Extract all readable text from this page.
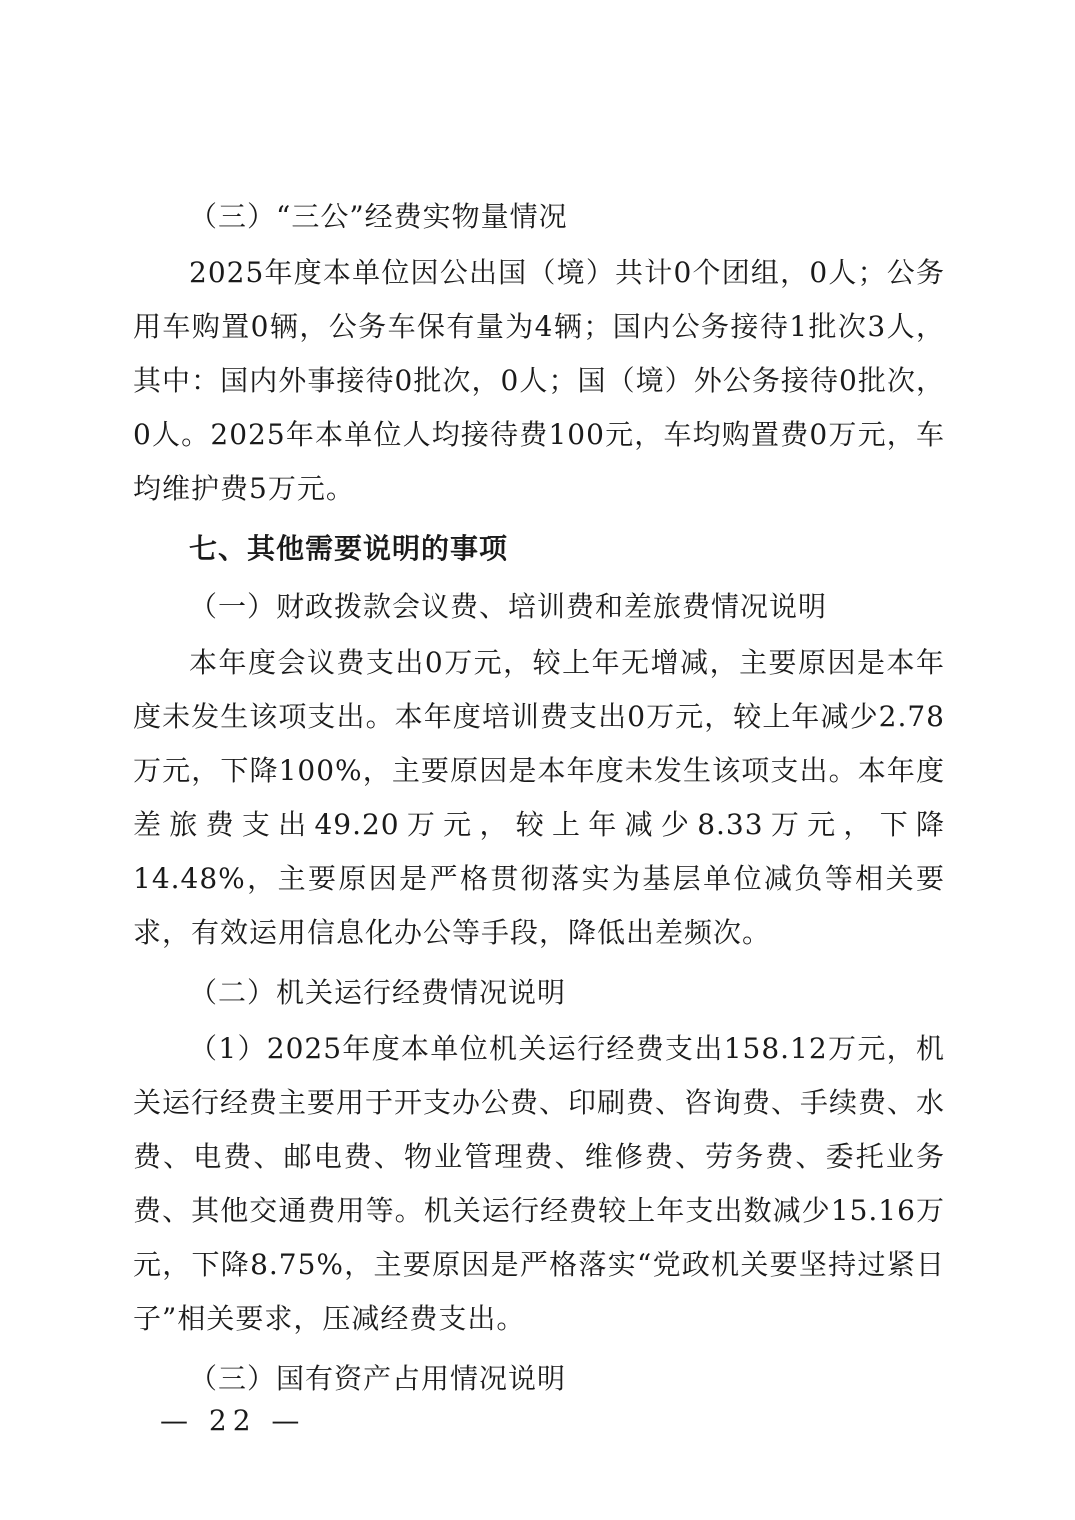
（三）“三公”经费实物量情况

2025年度本单位因公出国（境）共计0个团组，0人；公务用车购置0辆，公务车保有量为4辆；国内公务接待1批次3人，其中：国内外事接待0批次，0人；国（境）外公务接待0批次，0人。2025年本单位人均接待费100元，车均购置费0万元，车均维护费5万元。

七、其他需要说明的事项
（一）财政拨款会议费、培训费和差旅费情况说明

本年度会议费支出0万元，较上年无增减，主要原因是本年度未发生该项支出。本年度培训费支出0万元，较上年减少2.78万元，下降100%，主要原因是本年度未发生该项支出。本年度差旅费支出49.20万元，较上年减少8.33万元，下降14.48%，主要原因是严格贯彻落实为基层单位减负等相关要求，有效运用信息化办公等手段，降低出差频次。

（二）机关运行经费情况说明

（1）2025年度本单位机关运行经费支出158.12万元，机关运行经费主要用于开支办公费、印刷费、咨询费、手续费、水费、电费、邮电费、物业管理费、维修费、劳务费、委托业务费、其他交通费用等。机关运行经费较上年支出数减少15.16万元，下降8.75%，主要原因是严格落实“党政机关要坚持过紧日子”相关要求，压减经费支出。

（三）国有资产占用情况说明
— 22 —
